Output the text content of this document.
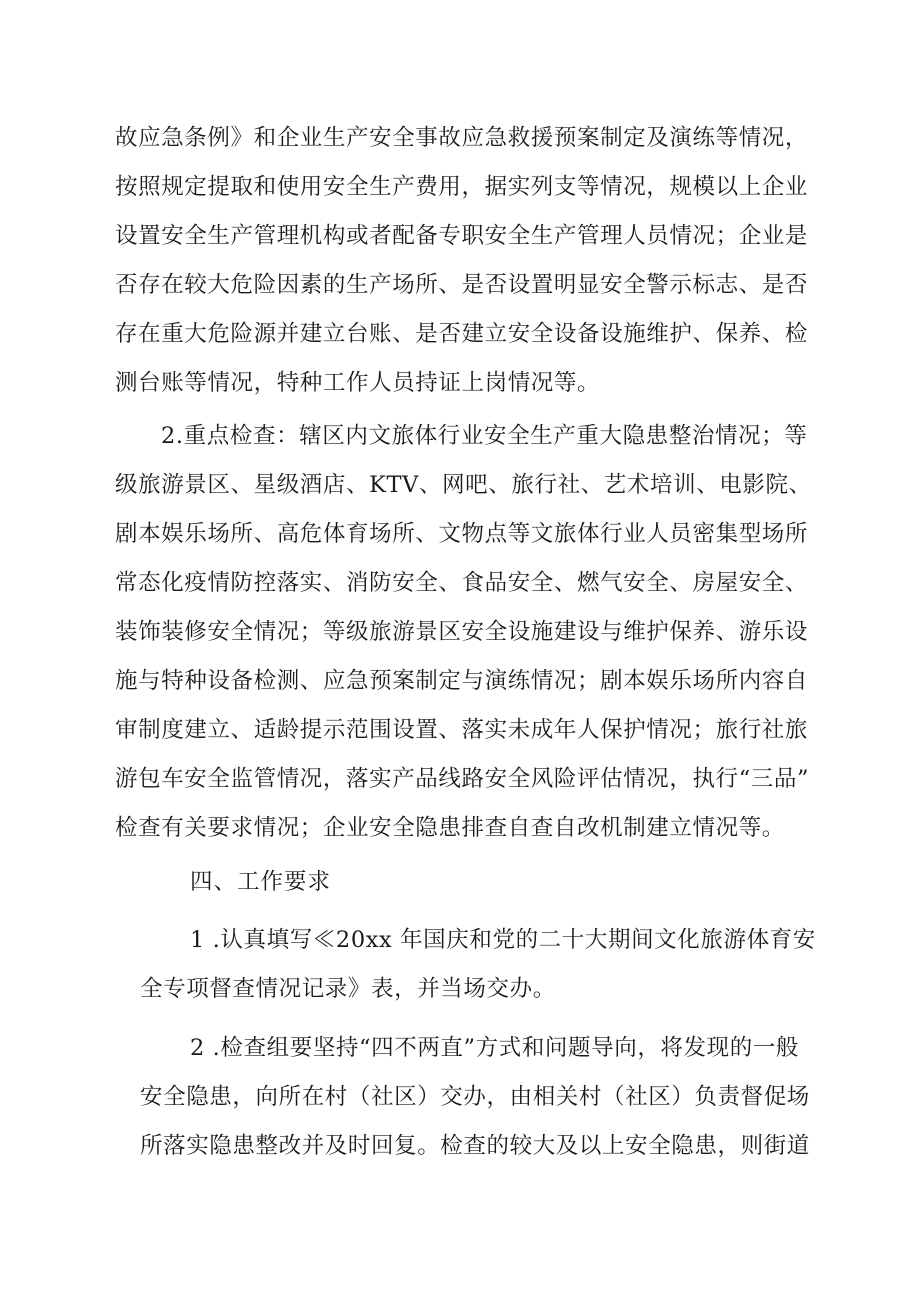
故应急条例》和企业生产安全事故应急救援预案制定及演练等情况，
按照规定提取和使用安全生产费用，据实列支等情况，规模以上企业
设置安全生产管理机构或者配备专职安全生产管理人员情况；企业是
否存在较大危险因素的生产场所、是否设置明显安全警示标志、是否
存在重大危险源并建立台账、是否建立安全设备设施维护、保养、检
测台账等情况，特种工作人员持证上岗情况等。
2.重点检查：辖区内文旅体行业安全生产重大隐患整治情况；等
级旅游景区、星级酒店、KTV、网吧、旅行社、艺术培训、电影院、
剧本娱乐场所、高危体育场所、文物点等文旅体行业人员密集型场所
常态化疫情防控落实、消防安全、食品安全、燃气安全、房屋安全、
装饰装修安全情况；等级旅游景区安全设施建设与维护保养、游乐设
施与特种设备检测、应急预案制定与演练情况；剧本娱乐场所内容自
审制度建立、适龄提示范围设置、落实未成年人保护情况；旅行社旅
游包车安全监管情况，落实产品线路安全风险评估情况，执行“三品”
检查有关要求情况；企业安全隐患排查自查自改机制建立情况等。
四、工作要求
1 .认真填写≪20xx 年国庆和党的二十大期间文化旅游体育安
全专项督查情况记录》表，并当场交办。
2 .检查组要坚持“四不两直”方式和问题导向，将发现的一般
安全隐患，向所在村（社区）交办，由相关村（社区）负责督促场
所落实隐患整改并及时回复。检查的较大及以上安全隐患，则街道
